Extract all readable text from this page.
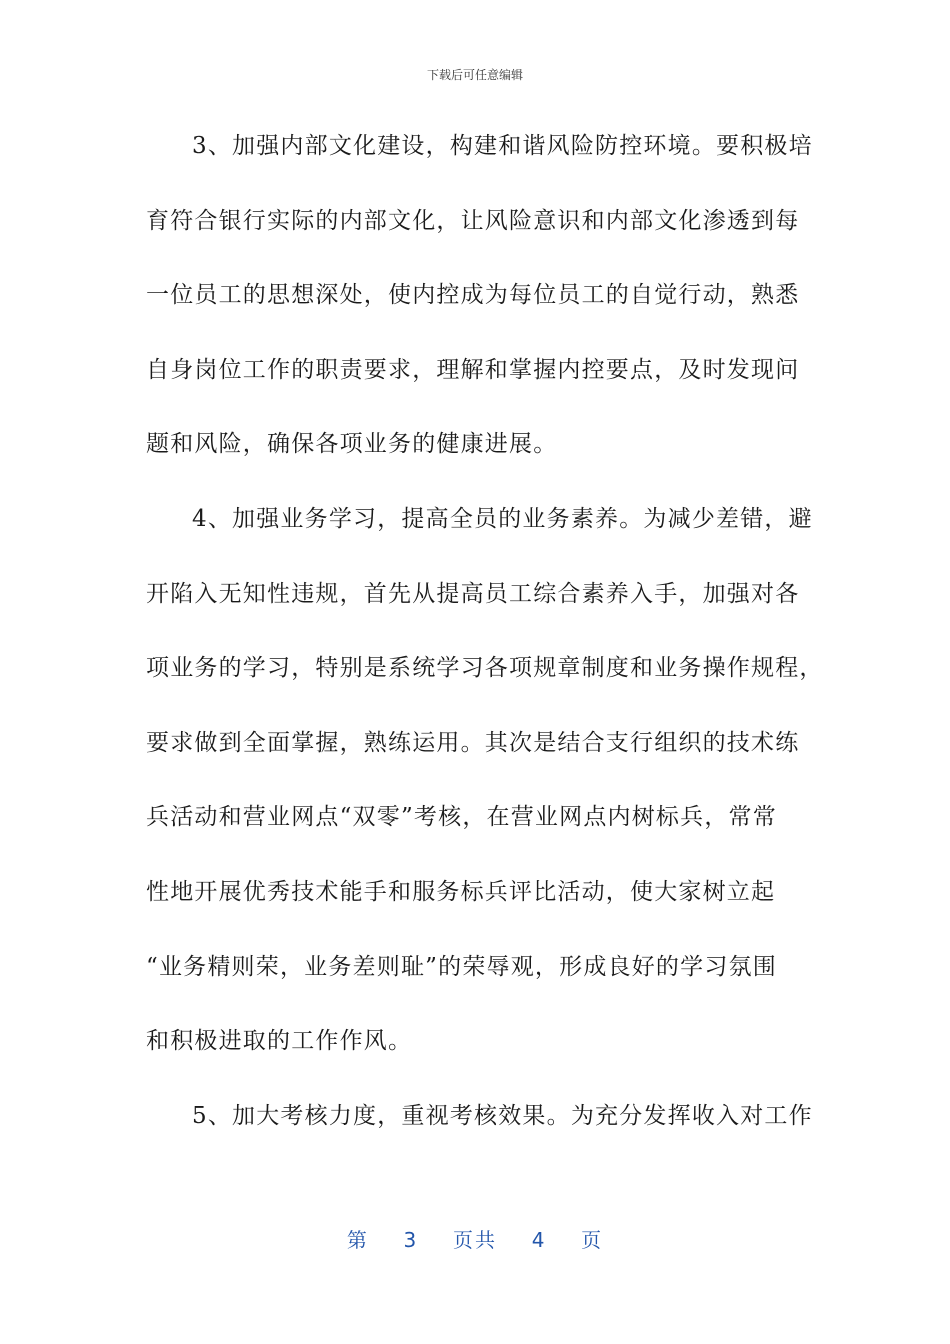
下载后可任意编辑
3、加强内部文化建设，构建和谐风险防控环境。要积极培
育符合银行实际的内部文化，让风险意识和内部文化渗透到每
一位员工的思想深处，使内控成为每位员工的自觉行动，熟悉
自身岗位工作的职责要求，理解和掌握内控要点，及时发现问
题和风险，确保各项业务的健康进展。
4、加强业务学习，提高全员的业务素养。为减少差错，避
开陷入无知性违规，首先从提高员工综合素养入手，加强对各
项业务的学习，特别是系统学习各项规章制度和业务操作规程，
要求做到全面掌握，熟练运用。其次是结合支行组织的技术练
兵活动和营业网点“双零”考核，在营业网点内树标兵，常常
性地开展优秀技术能手和服务标兵评比活动，使大家树立起
“业务精则荣，业务差则耻”的荣辱观，形成良好的学习氛围
和积极进取的工作作风。
5、加大考核力度，重视考核效果。为充分发挥收入对工作
第 3 页共 4 页
